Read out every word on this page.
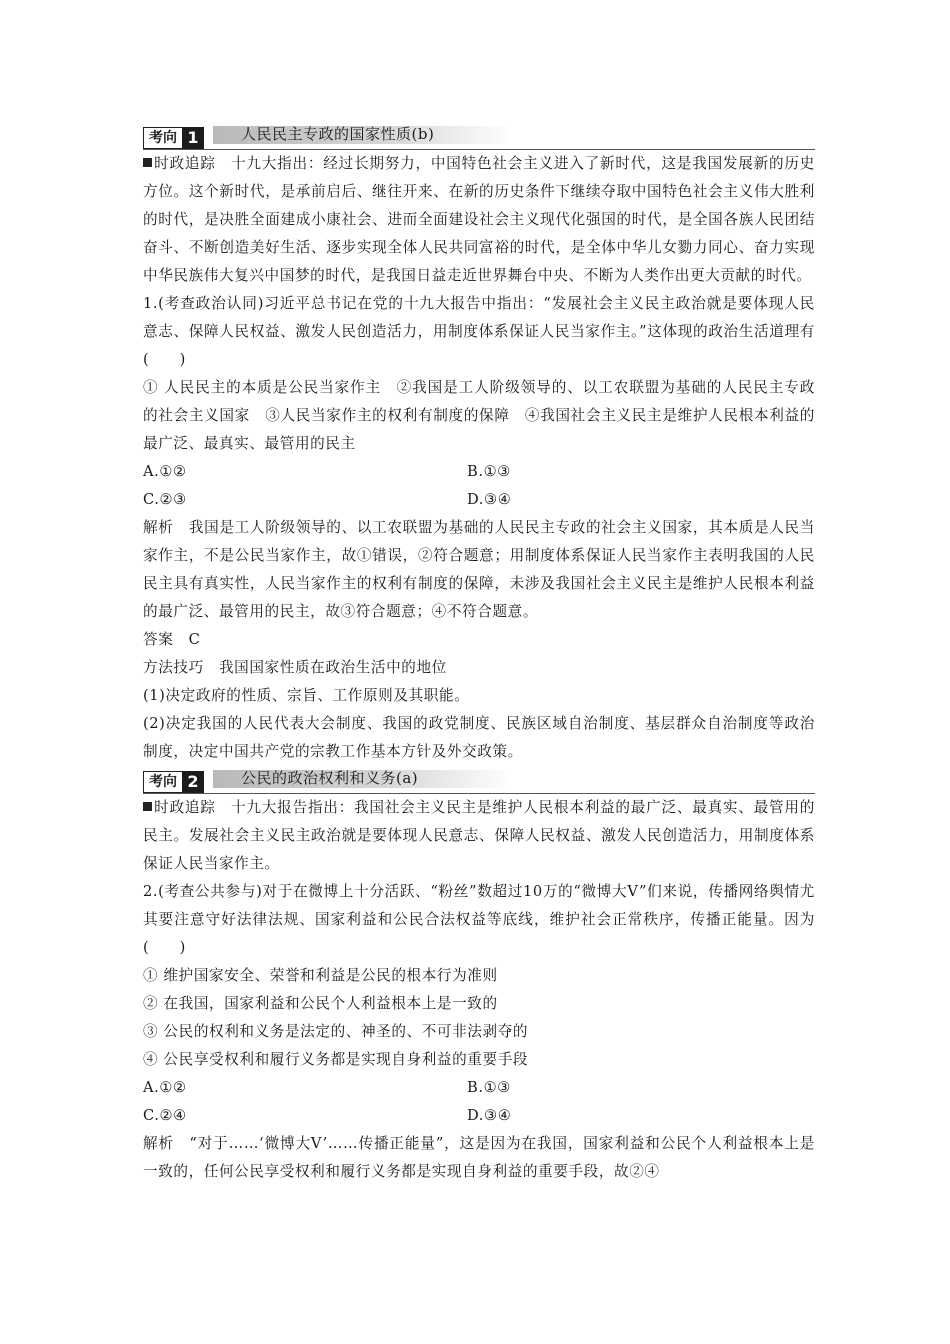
考向 1	人民民主专政的国家性质(b)

时政追踪　 十九大指出：经过长期努力，中国特色社会主义进入了新时代，这是我国发展新的历史方位。这个新时代，是承前启后、继往开来、在新的历史条件下继续夺取中国特色社会主义伟大胜利的时代，是决胜全面建成小康社会、进而全面建设社会主义现代化强国的时代，是全国各族人民团结奋斗、不断创造美好生活、逐步实现全体人民共同富裕的时代，是全体中华儿女勠力同心、奋力实现中华民族伟大复兴中国梦的时代，是我国日益走近世界舞台中央、不断为人类作出更大贡献的时代。

1.(考查政治认同)习近平总书记在党的十九大报告中指出：“发展社会主义民主政治就是要体现人民意志、保障人民权益、激发人民创造活力，用制度体系保证人民当家作主。”这体现的政治生活道理有(　　)

① 人民民主的本质是公民当家作主　②我国是工人阶级领导的、以工农联盟为基础的人民民主专政的社会主义国家　③人民当家作主的权利有制度的保障　④我国社会主义民主是维护人民根本利益的最广泛、最真实、最管用的民主

A.①②	B.①③
C.②③	D.③④

解析　我国是工人阶级领导的、以工农联盟为基础的人民民主专政的社会主义国家，其本质是人民当家作主，不是公民当家作主，故①错误，②符合题意；用制度体系保证人民当家作主表明我国的人民民主具有真实性，人民当家作主的权利有制度的保障，未涉及我国社会主义民主是维护人民根本利益的最广泛、最管用的民主，故③符合题意；④不符合题意。

答案　C

方法技巧　我国国家性质在政治生活中的地位

(1)决定政府的性质、宗旨、工作原则及其职能。

(2)决定我国的人民代表大会制度、我国的政党制度、民族区域自治制度、基层群众自治制度等政治制度，决定中国共产党的宗教工作基本方针及外交政策。

考向 2	公民的政治权利和义务(a)

时政追踪　 十九大报告指出：我国社会主义民主是维护人民根本利益的最广泛、最真实、最管用的民主。发展社会主义民主政治就是要体现人民意志、保障人民权益、激发人民创造活力，用制度体系保证人民当家作主。

2.(考查公共参与)对于在微博上十分活跃、“粉丝”数超过10万的“微博大V”们来说，传播网络舆情尤其要注意守好法律法规、国家利益和公民合法权益等底线，维护社会正常秩序，传播正能量。因为(　　)

① 维护国家安全、荣誉和利益是公民的根本行为准则

② 在我国，国家利益和公民个人利益根本上是一致的

③ 公民的权利和义务是法定的、神圣的、不可非法剥夺的

④ 公民享受权利和履行义务都是实现自身利益的重要手段

A.①②	B.①③
C.②④	D.③④

解析　“对于……‘微博大V’……传播正能量”，这是因为在我国，国家利益和公民个人利益根本上是一致的，任何公民享受权利和履行义务都是实现自身利益的重要手段，故②④
